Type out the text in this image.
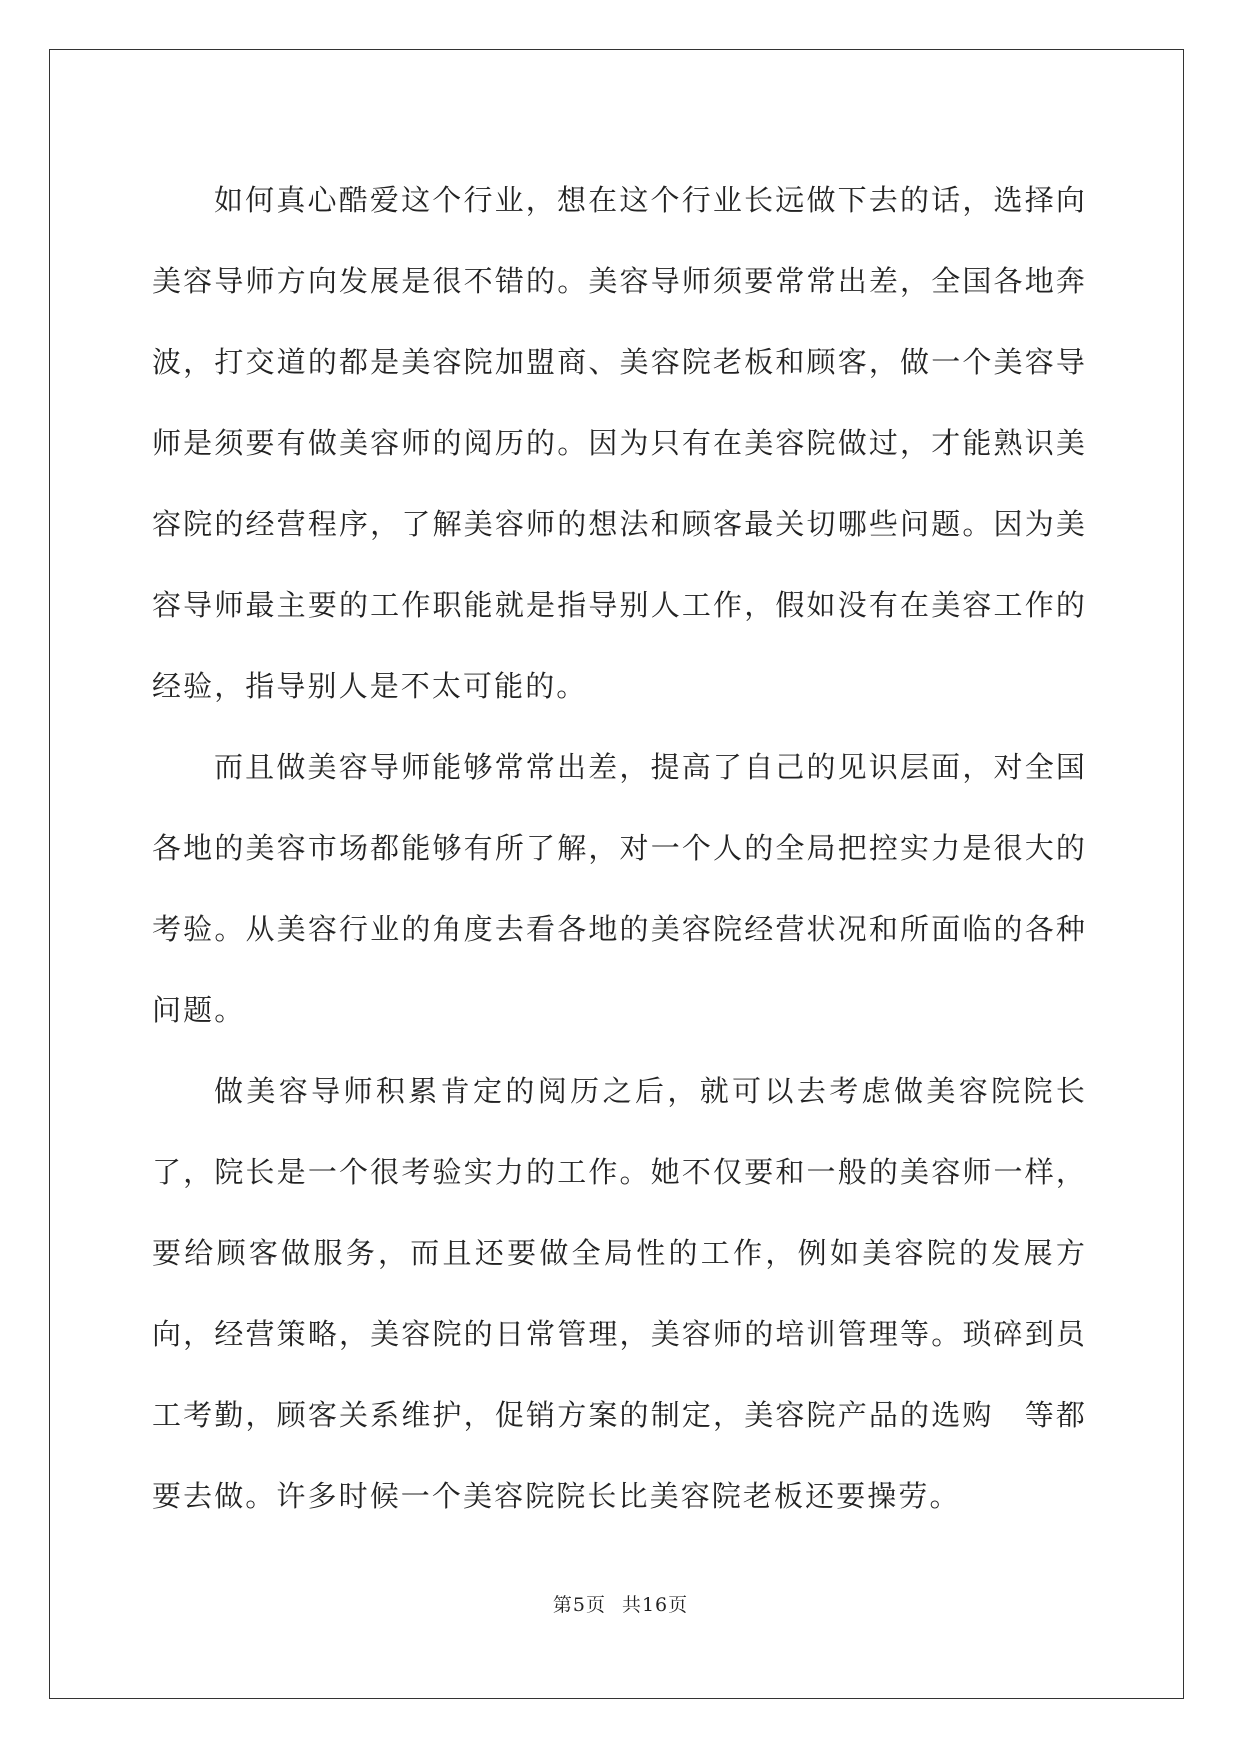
如何真心酷爱这个行业，想在这个行业长远做下去的话，选择向美容导师方向发展是很不错的。美容导师须要常常出差，全国各地奔波，打交道的都是美容院加盟商、美容院老板和顾客，做一个美容导师是须要有做美容师的阅历的。因为只有在美容院做过，才能熟识美容院的经营程序，了解美容师的想法和顾客最关切哪些问题。因为美容导师最主要的工作职能就是指导别人工作，假如没有在美容工作的经验，指导别人是不太可能的。

而且做美容导师能够常常出差，提高了自己的见识层面，对全国各地的美容市场都能够有所了解，对一个人的全局把控实力是很大的考验。从美容行业的角度去看各地的美容院经营状况和所面临的各种问题。

做美容导师积累肯定的阅历之后，就可以去考虑做美容院院长了，院长是一个很考验实力的工作。她不仅要和一般的美容师一样，要给顾客做服务，而且还要做全局性的工作，例如美容院的发展方向，经营策略，美容院的日常管理，美容师的培训管理等。琐碎到员工考勤，顾客关系维护，促销方案的制定，美容院产品的选购　等都要去做。许多时候一个美容院院长比美容院老板还要操劳。

第5页 共16页
